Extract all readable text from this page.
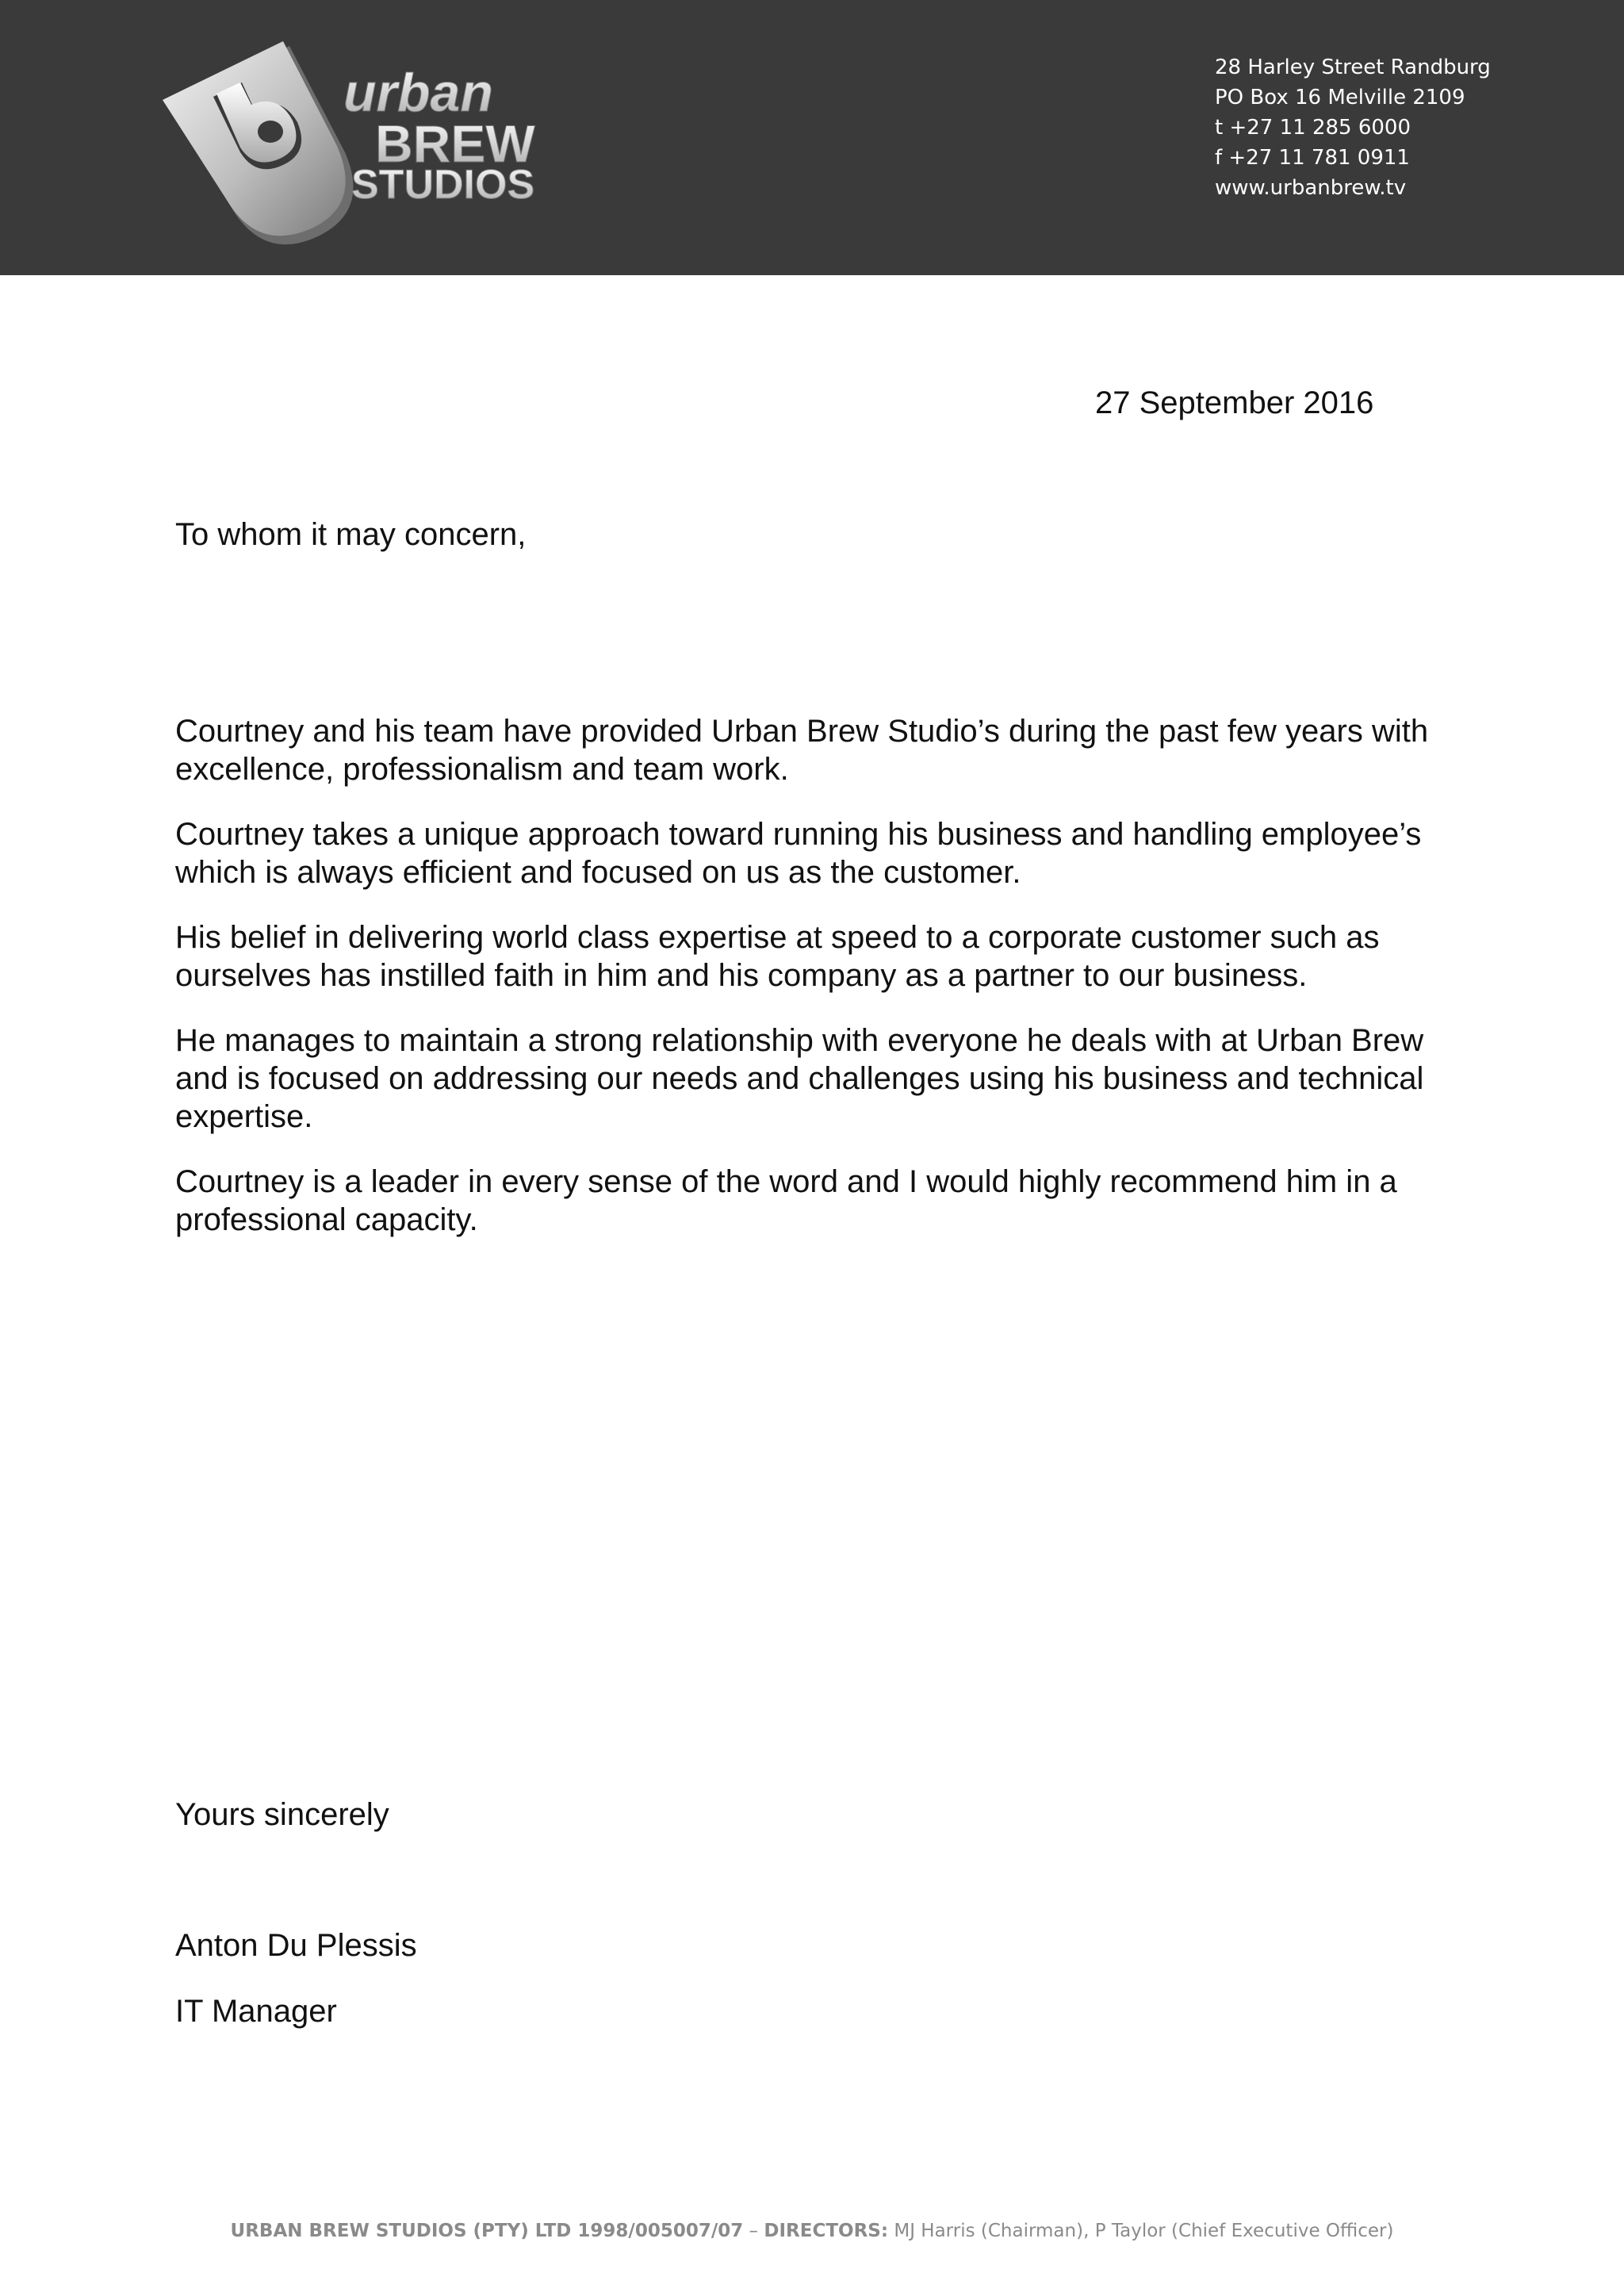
urban
BREW
STUDIOS
28 Harley Street Randburg
PO Box 16 Melville 2109
t +27 11 285 6000
f +27 11 781 0911
www.urbanbrew.tv
27 September 2016
To whom it may concern,

Courtney and his team have provided Urban Brew Studio’s during the past few years with excellence, professionalism and team work.

Courtney takes a unique approach toward running his business and handling employee’s which is always efficient and focused on us as the customer.

His belief in delivering world class expertise at speed to a corporate customer such as ourselves has instilled faith in him and his company as a partner to our business.

He manages to maintain a strong relationship with everyone he deals with at Urban Brew and is focused on addressing our needs and challenges using his business and technical expertise.

Courtney is a leader in every sense of the word and I would highly recommend him in a professional capacity.

Yours sincerely
Anton Du Plessis
IT Manager
URBAN BREW STUDIOS (PTY) LTD 1998/005007/07 – DIRECTORS: MJ Harris (Chairman), P Taylor (Chief Executive Officer)
